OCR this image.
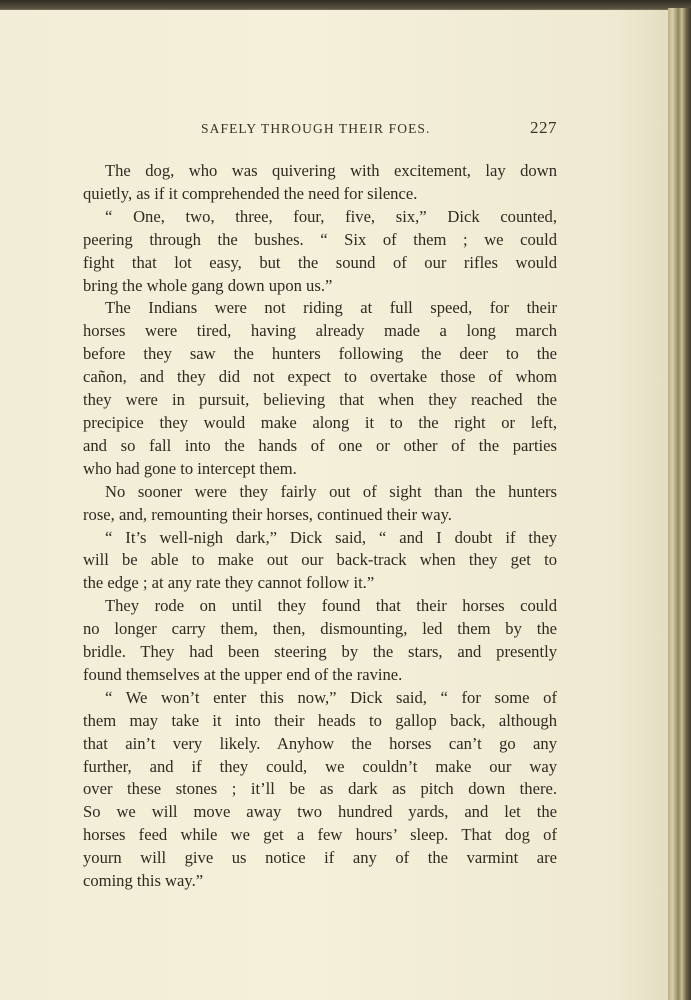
SAFELY THROUGH THEIR FOES.	227
The dog, who was quivering with excitement, lay down
quietly, as if it comprehended the need for silence.
“ One, two, three, four, five, six,” Dick counted,
peering through the bushes. “ Six of them ; we could
fight that lot easy, but the sound of our rifles would
bring the whole gang down upon us.”
The Indians were not riding at full speed, for their
horses were tired, having already made a long march
before they saw the hunters following the deer to the
cañon, and they did not expect to overtake those of whom
they were in pursuit, believing that when they reached the
precipice they would make along it to the right or left,
and so fall into the hands of one or other of the parties
who had gone to intercept them.
No sooner were they fairly out of sight than the hunters
rose, and, remounting their horses, continued their way.
“ It’s well-nigh dark,” Dick said, “ and I doubt if they
will be able to make out our back-track when they get to
the edge ; at any rate they cannot follow it.”
They rode on until they found that their horses could
no longer carry them, then, dismounting, led them by the
bridle. They had been steering by the stars, and presently
found themselves at the upper end of the ravine.
“ We won’t enter this now,” Dick said, “ for some of
them may take it into their heads to gallop back, although
that ain’t very likely. Anyhow the horses can’t go any
further, and if they could, we couldn’t make our way
over these stones ; it’ll be as dark as pitch down there.
So we will move away two hundred yards, and let the
horses feed while we get a few hours’ sleep. That dog of
yourn will give us notice if any of the varmint are
coming this way.”
